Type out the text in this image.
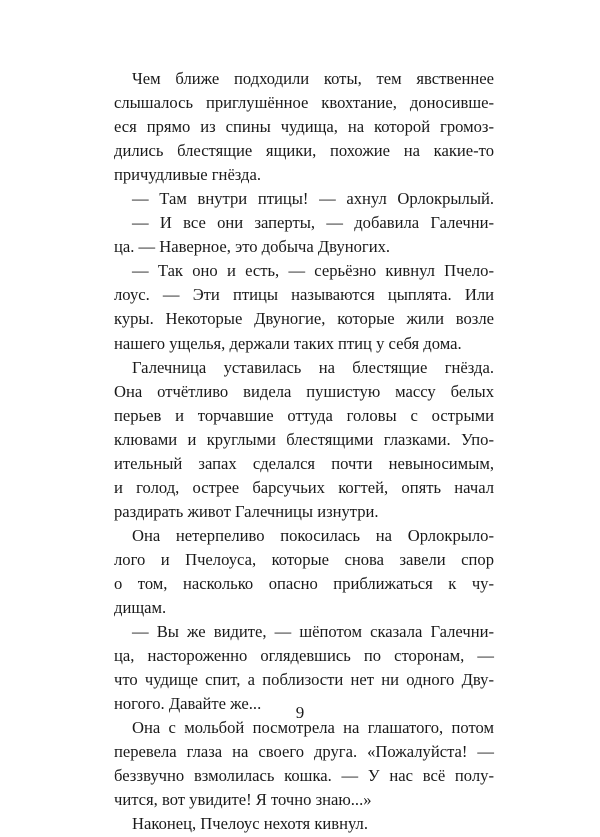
Чем ближе подходили коты, тем явственнее
слышалось приглушённое квохтание, доносивше-
еся прямо из спины чудища, на которой громоз-
дились блестящие ящики, похожие на какие-то
причудливые гнёзда.
— Там внутри птицы! — ахнул Орлокрылый.
— И все они заперты, — добавила Галечни-
ца. — Наверное, это добыча Двуногих.
— Так оно и есть, — серьёзно кивнул Пчело-
лоус. — Эти птицы называются цыплята. Или
куры. Некоторые Двуногие, которые жили возле
нашего ущелья, держали таких птиц у себя дома.
Галечница уставилась на блестящие гнёзда.
Она отчётливо видела пушистую массу белых
перьев и торчавшие оттуда головы с острыми
клювами и круглыми блестящими глазками. Упо-
ительный запах сделался почти невыносимым,
и голод, острее барсучьих когтей, опять начал
раздирать живот Галечницы изнутри.
Она нетерпеливо покосилась на Орлокрыло-
лого и Пчелоуса, которые снова завели спор
о том, насколько опасно приближаться к чу-
дищам.
— Вы же видите, — шёпотом сказала Галечни-
ца, настороженно оглядевшись по сторонам, —
что чудище спит, а поблизости нет ни одного Дву-
ногого. Давайте же...
Она с мольбой посмотрела на глашатого, потом
перевела глаза на своего друга. «Пожалуйста! —
беззвучно взмолилась кошка. — У нас всё полу-
чится, вот увидите! Я точно знаю...»
Наконец, Пчелоус нехотя кивнул.
9
